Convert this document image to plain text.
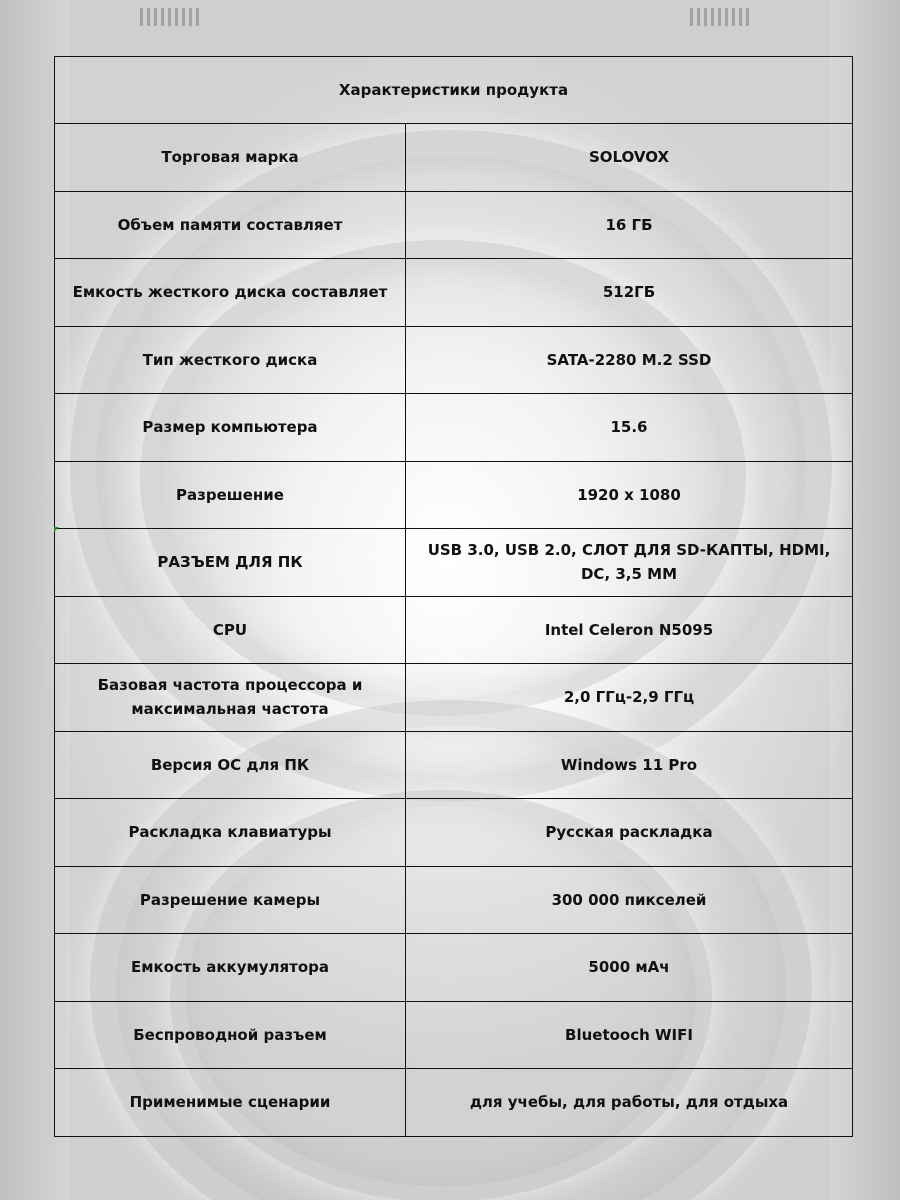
Характеристики продукта	
Торговая марка	SOLOVOX
Объем памяти составляет	16 ГБ
Емкость жесткого диска составляет	512ГБ
Тип жесткого диска	SATA-2280 M.2 SSD
Размер компьютера	15.6
Разрешение	1920 x 1080
РАЗЪЕМ ДЛЯ ПК	USB 3.0, USB 2.0, СЛОТ ДЛЯ SD-КАПТЫ, HDMI, DC, 3,5 ММ
CPU	Intel Celeron N5095
Базовая частота процессора и максимальная частота	2,0 ГГц-2,9 ГГц
Версия ОС для ПК	Windows 11 Pro
Раскладка клавиатуры	Русская раскладка
Разрешение камеры	300 000 пикселей
Емкость аккумулятора	5000 мАч
Беспроводной разъем	Bluetooch WIFI
Применимые сценарии	для учебы, для работы, для отдыха
